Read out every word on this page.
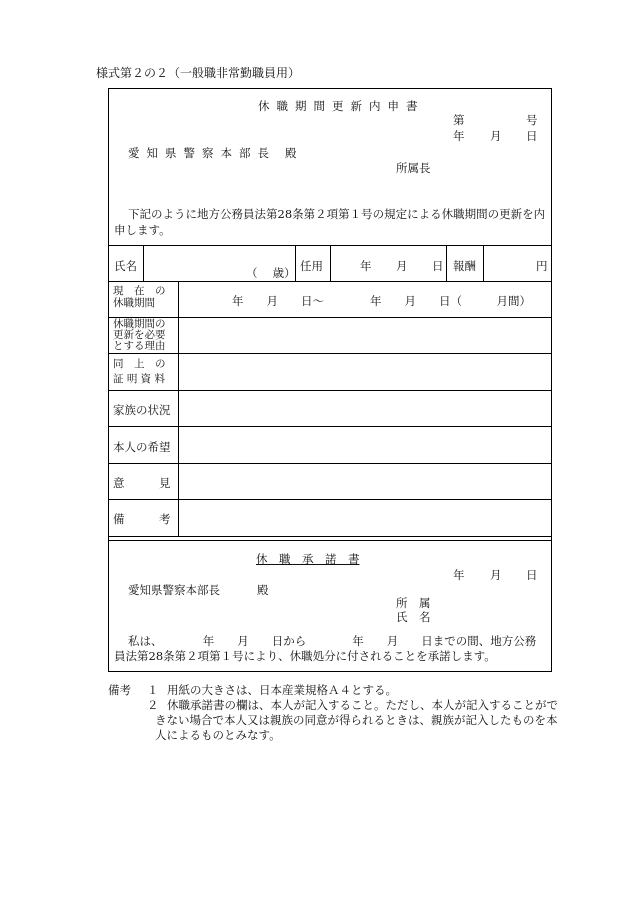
様式第２の２（一般職非常勤職員用）
休職期間更新内申書
第	号
年 月 日
愛知県警察本部長 殿
所属長
下記のように地方公務員法第28条第２項第１号の規定による休職期間の更新を内
申します。
氏名	（　 歳） 任用	年 月 日 報酬	円
現　在　の
休職期間	年　　月　　日～　　　　年　　月　　日（　　　月間）
休職期間の
更新を必要
とする理由
同　上　の
証 明 資 料
家族の状況
本人の希望
意　　　見
備　　　考
休　職　承　諾　書
年 月 日
愛知県警察本部長	殿
所　属
氏　名
私は、　　　　年　　月　　日から　　　　年　　月　　日までの間、地方公務
員法第28条第２項第１号により、休職処分に付されることを承諾します。
備考 １ 用紙の大きさは、日本産業規格Ａ４とする。
２ 休職承諾書の欄は、本人が記入すること。ただし、本人が記入することがで
きない場合で本人又は親族の同意が得られるときは、親族が記入したものを本
人によるものとみなす。
